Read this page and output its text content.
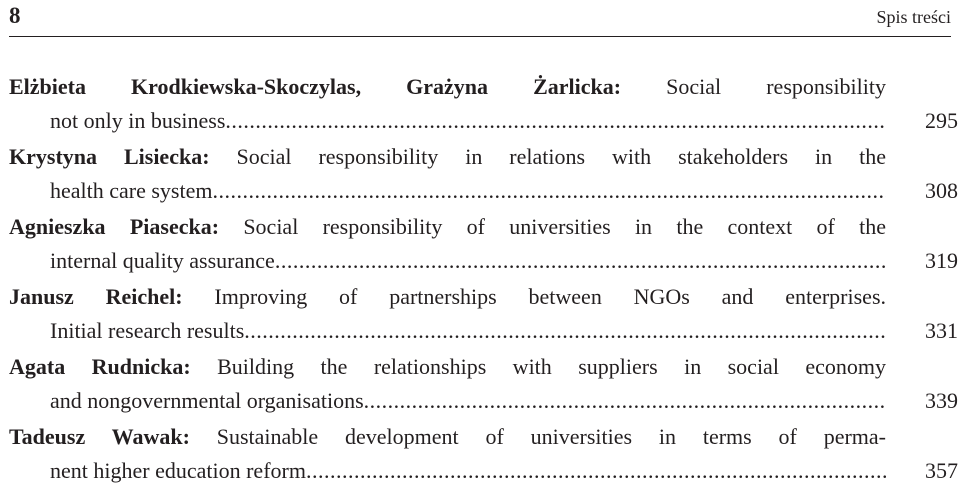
8	Spis treści
Elżbieta Krodkiewska-Skoczylas, Grażyna Żarlicka: Social responsibility
not only in business .....	295
Krystyna Lisiecka: Social responsibility in relations with stakeholders in the
health care system .....	308
Agnieszka Piasecka: Social responsibility of universities in the context of the
internal quality assurance .....	319
Janusz Reichel: Improving of partnerships between NGOs and enterprises.
Initial research results .....	331
Agata Rudnicka: Building the relationships with suppliers in social economy
and nongovernmental organisations .....	339
Tadeusz Wawak: Sustainable development of universities in terms of perma-
nent higher education reform .....	357
